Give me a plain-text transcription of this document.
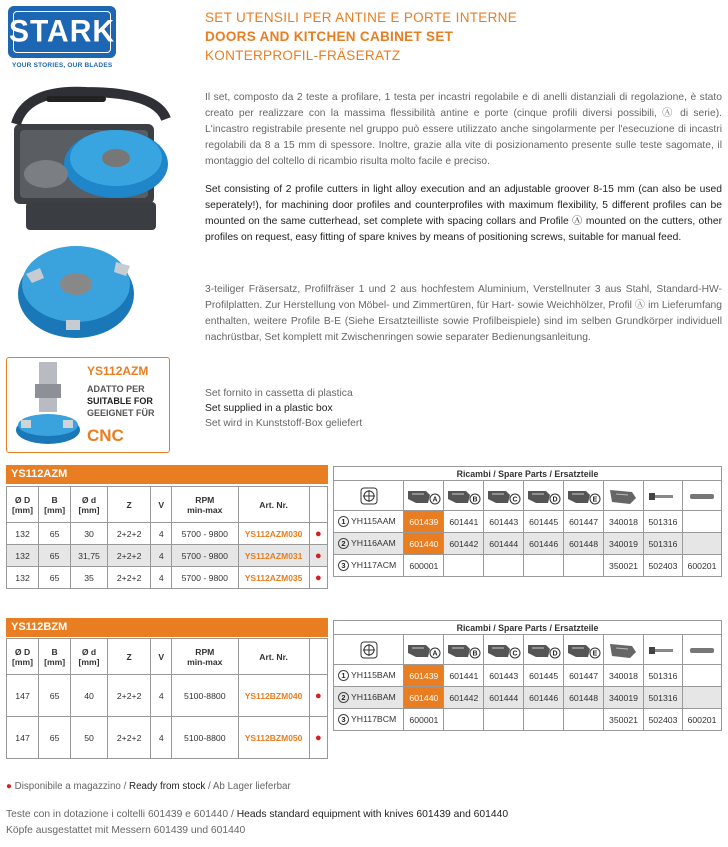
STARK
YOUR STORIES, OUR BLADES
SET UTENSILI PER ANTINE E PORTE INTERNE
DOORS AND KITCHEN CABINET SET
KONTERPROFIL-FRÄSERATZ
Il set, composto da 2 teste a profilare, 1 testa per incastri regolabile e di anelli distanziali di regolazione, è stato creato per realizzare con la massima flessibilità antine e porte (cinque profili diversi possibili, Ⓐ di serie). L'incastro registrabile presente nel gruppo può essere utilizzato anche singolarmente per l'esecuzione di incastri regolabili da 8 a 15 mm di spessore. Inoltre, grazie alla vite di posizionamento presente sulle teste sagomate, il montaggio del coltello di ricambio risulta molto facile e preciso.
Set consisting of 2 profile cutters in light alloy execution and an adjustable groover 8-15 mm (can also be used seperately!), for machining door profiles and counterprofiles with maximum flexibility, 5 different profiles can be mounted on the same cutterhead, set complete with spacing collars and Profile Ⓐ mounted on the cutters, other profiles on request, easy fitting of spare knives by means of positioning screws, suitable for manual feed.
3-teiliger Fräsersatz, Profilfräser 1 und 2 aus hochfestem Aluminium, Verstellnuter 3 aus Stahl, Standard-HW-Profilplatten. Zur Herstellung von Möbel- und Zimmertüren, für Hart- sowie Weichhölzer, Profil Ⓐ im Lieferumfang enthalten, weitere Profile B-E (Siehe Ersatzteilliste sowie Profilbeispiele) sind im selben Grundkörper individuell nachrüstbar, Set komplett mit Zwischenringen sowie separater Bedienungsanleitung.
Set fornito in cassetta di plastica
Set supplied in a plastic box
Set wird in Kunststoff-Box geliefert
YS112AZM
ADATTO PER
SUITABLE FOR
GEEIGNET FÜR
CNC
YS112AZM
Ø D
[mm]	B
[mm]	Ø d
[mm]	Z	V	RPM
min-max	Art. Nr.	
132	65	30	2+2+2	4	5700 - 9800	YS112AZM030	●
132	65	31,75	2+2+2	4	5700 - 9800	YS112AZM031	●
132	65	35	2+2+2	4	5700 - 9800	YS112AZM035	●
Ricambi / Spare Parts / Ersatzteile								

A	B	C	D	E

1 YH115AAM	601439	601441	601443	601445	601447	340018	501316	
2 YH116AAM	601440	601442	601444	601446	601448	340019	501316	
3 YH117ACM	600001					350021	502403	600201
YS112BZM
Ø D
[mm]	B
[mm]	Ø d
[mm]	Z	V	RPM
min-max	Art. Nr.	
147	65	40	2+2+2	4	5100-8800	YS112BZM040	●
147	65	50	2+2+2	4	5100-8800	YS112BZM050	●
Ricambi / Spare Parts / Ersatzteile								

A	B	C	D	E

1 YH115BAM	601439	601441	601443	601445	601447	340018	501316	
2 YH116BAM	601440	601442	601444	601446	601448	340019	501316	
3 YH117BCM	600001					350021	502403	600201
● Disponibile a magazzino / Ready from stock / Ab Lager lieferbar
Teste con in dotazione i coltelli 601439 e 601440 / Heads standard equipment with knives 601439 and 601440
Köpfe ausgestattet mit Messern 601439 und 601440
